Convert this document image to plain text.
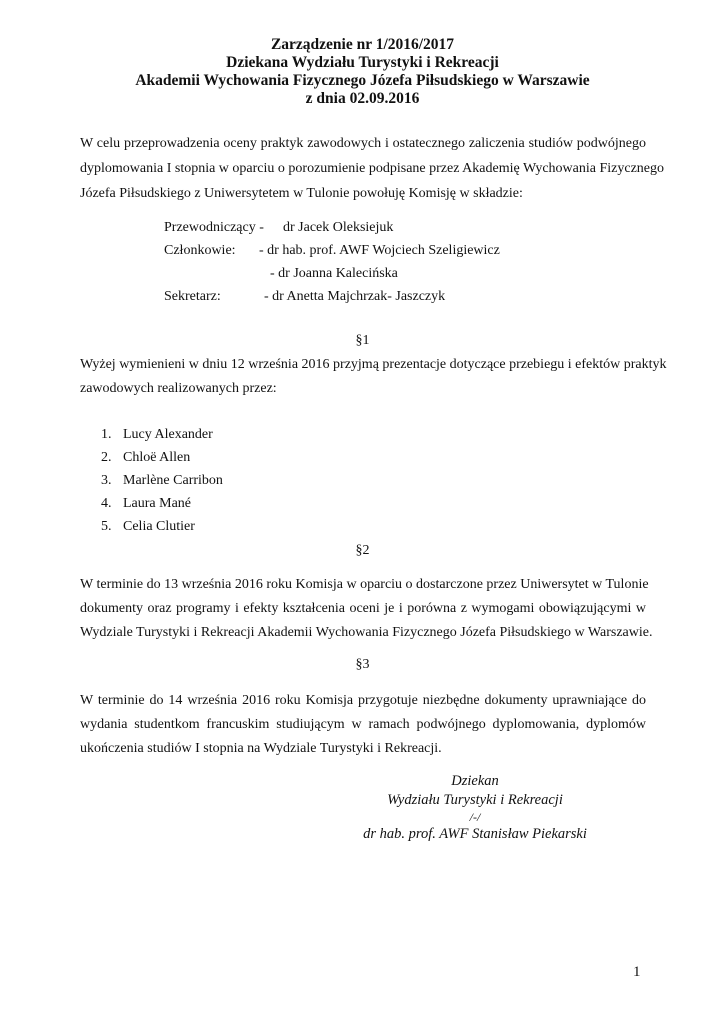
Zarządzenie nr 1/2016/2017
Dziekana Wydziału Turystyki i Rekreacji
Akademii Wychowania Fizycznego Józefa Piłsudskiego w Warszawie
z dnia 02.09.2016
W celu przeprowadzenia oceny praktyk zawodowych i ostatecznego zaliczenia studiów podwójnego
dyplomowania I stopnia w oparciu o porozumienie podpisane przez Akademię Wychowania Fizycznego
Józefa Piłsudskiego z Uniwersytetem w Tulonie powołuję Komisję w składzie:
Przewodniczący - dr Jacek Oleksiejuk
Członkowie: - dr hab. prof. AWF Wojciech Szeligiewicz
- dr Joanna Kalecińska
Sekretarz:	- dr Anetta Majchrzak- Jaszczyk
§1
Wyżej wymienieni w dniu 12 września 2016 przyjmą prezentacje dotyczące przebiegu i efektów praktyk
zawodowych realizowanych przez:
1. Lucy Alexander
2. Chloë Allen
3. Marlène Carribon
4. Laura Mané
5. Celia Clutier
§2
W terminie do 13 września 2016 roku Komisja w oparciu o dostarczone przez Uniwersytet w Tulonie
dokumenty oraz programy i efekty kształcenia oceni je i porówna z wymogami obowiązującymi w
Wydziale Turystyki i Rekreacji Akademii Wychowania Fizycznego Józefa Piłsudskiego w Warszawie.
§3
W terminie do 14 września 2016 roku Komisja przygotuje niezbędne dokumenty uprawniające do
wydania studentkom francuskim studiującym w ramach podwójnego dyplomowania, dyplomów
ukończenia studiów I stopnia na Wydziale Turystyki i Rekreacji.
Dziekan
Wydziału Turystyki i Rekreacji
/-/
dr hab. prof. AWF Stanisław Piekarski
1
